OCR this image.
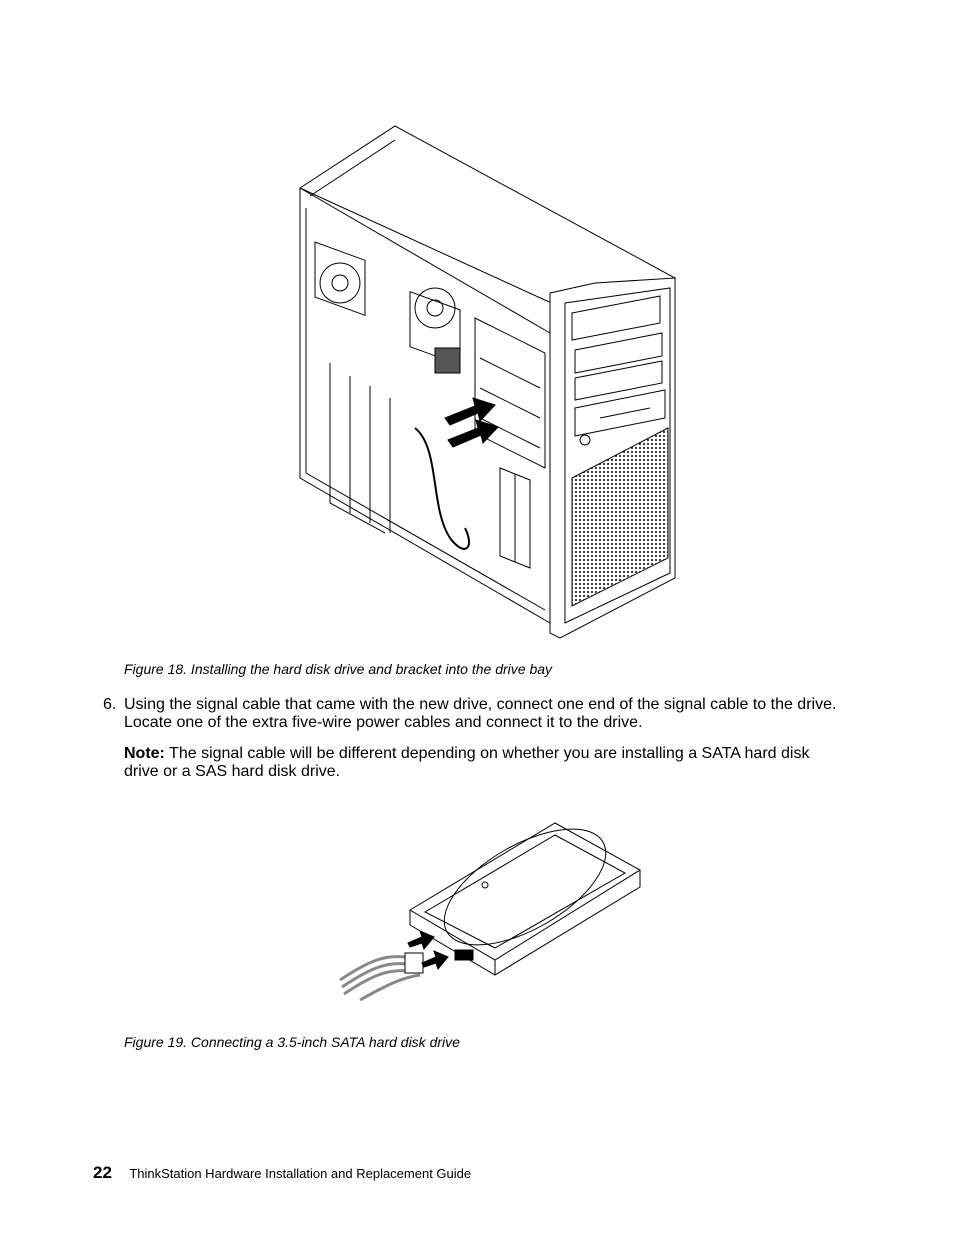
Figure 18. Installing the hard disk drive and bracket into the drive bay
6. Using the signal cable that came with the new drive, connect one end of the signal cable to the drive. Locate one of the extra five-wire power cables and connect it to the drive.
Note: The signal cable will be different depending on whether you are installing a SATA hard disk drive or a SAS hard disk drive.
Figure 19. Connecting a 3.5-inch SATA hard disk drive
22 ThinkStation Hardware Installation and Replacement Guide
